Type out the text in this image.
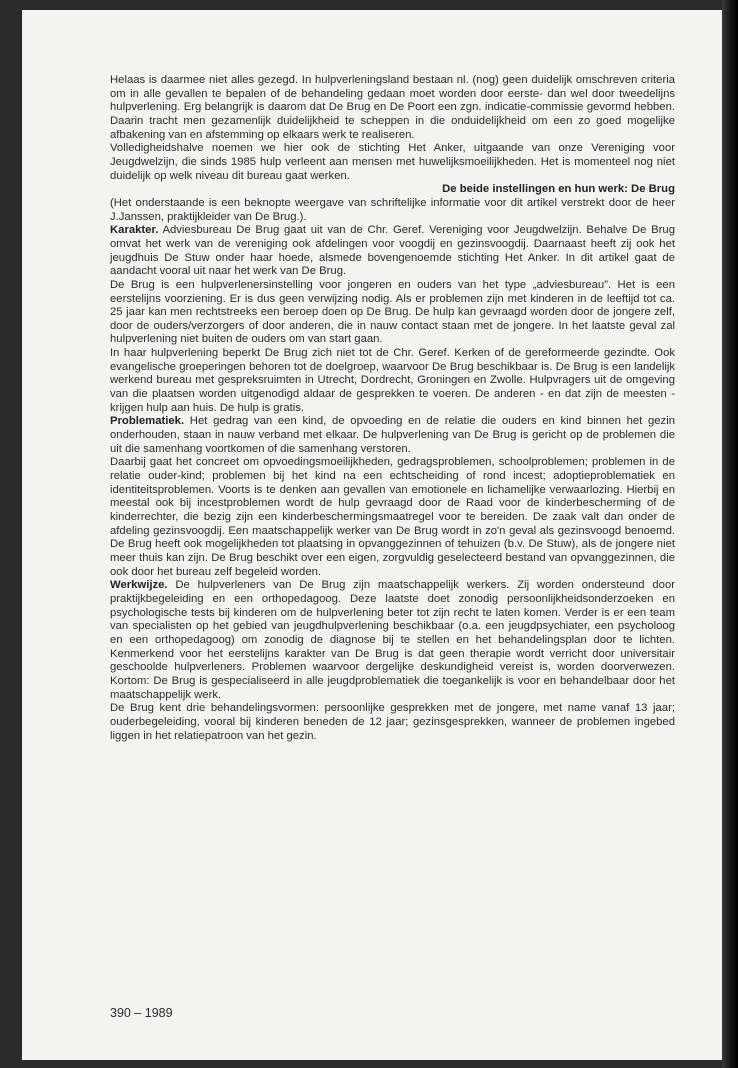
Helaas is daarmee niet alles gezegd. In hulpverleningsland bestaan nl. (nog) geen duidelijk omschreven criteria om in alle gevallen te bepalen of de behandeling gedaan moet worden door eerste- dan wel door tweedelijns hulpverlening. Erg belangrijk is daarom dat De Brug en De Poort een zgn. indicatie-commissie gevormd hebben. Daarin tracht men gezamenlijk duidelijkheid te scheppen in die onduidelijkheid om een zo goed mogelijke afbakening van en afstemming op elkaars werk te realiseren.

Volledigheidshalve noemen we hier ook de stichting Het Anker, uitgaande van onze Vereniging voor Jeugdwelzijn, die sinds 1985 hulp verleent aan mensen met huwelijksmoeilijkheden. Het is momenteel nog niet duidelijk op welk niveau dit bureau gaat werken.

De beide instellingen en hun werk: De Brug

(Het onderstaande is een beknopte weergave van schriftelijke informatie voor dit artikel verstrekt door de heer J.Janssen, praktijkleider van De Brug.).

Karakter. Adviesbureau De Brug gaat uit van de Chr. Geref. Vereniging voor Jeugdwelzijn. Behalve De Brug omvat het werk van de vereniging ook afdelingen voor voogdij en gezinsvoogdij. Daarnaast heeft zij ook het jeugdhuis De Stuw onder haar hoede, alsmede bovengenoemde stichting Het Anker. In dit artikel gaat de aandacht vooral uit naar het werk van De Brug.

De Brug is een hulpverlenersinstelling voor jongeren en ouders van het type „adviesbureau”. Het is een eerstelijns voorziening. Er is dus geen verwijzing nodig. Als er problemen zijn met kinderen in de leeftijd tot ca. 25 jaar kan men rechtstreeks een beroep doen op De Brug. De hulp kan gevraagd worden door de jongere zelf, door de ouders/verzorgers of door anderen, die in nauw contact staan met de jongere. In het laatste geval zal hulpverlening niet buiten de ouders om van start gaan.

In haar hulpverlening beperkt De Brug zich niet tot de Chr. Geref. Kerken of de gereformeerde gezindte. Ook evangelische groeperingen behoren tot de doelgroep, waarvoor De Brug beschikbaar is. De Brug is een landelijk werkend bureau met gespreksruimten in Utrecht, Dordrecht, Groningen en Zwolle. Hulpvragers uit de omgeving van die plaatsen worden uitgenodigd aldaar de gesprekken te voeren. De anderen - en dat zijn de meesten - krijgen hulp aan huis. De hulp is gratis.

Problematiek. Het gedrag van een kind, de opvoeding en de relatie die ouders en kind binnen het gezin onderhouden, staan in nauw verband met elkaar. De hulpverlening van De Brug is gericht op de problemen die uit die samenhang voortkomen of die samenhang verstoren.

Daarbij gaat het concreet om opvoedingsmoeilijkheden, gedragsproblemen, schoolproblemen; problemen in de relatie ouder-kind; problemen bij het kind na een echtscheiding of rond incest; adoptieproblematiek en identiteitsproblemen. Voorts is te denken aan gevallen van emotionele en lichamelijke verwaarlozing. Hierbij en meestal ook bij incestproblemen wordt de hulp gevraagd door de Raad voor de kinderbescherming of de kinderrechter, die bezig zijn een kinderbeschermingsmaatregel voor te bereiden. De zaak valt dan onder de afdeling gezinsvoogdij. Een maatschappelijk werker van De Brug wordt in zo'n geval als gezinsvoogd benoemd. De Brug heeft ook mogelijkheden tot plaatsing in opvanggezinnen of tehuizen (b.v. De Stuw), als de jongere niet meer thuis kan zijn. De Brug beschikt over een eigen, zorgvuldig geselecteerd bestand van opvanggezinnen, die ook door het bureau zelf begeleid worden.

Werkwijze. De hulpverleners van De Brug zijn maatschappelijk werkers. Zij worden ondersteund door praktijkbegeleiding en een orthopedagoog. Deze laatste doet zonodig persoonlijkheidsonderzoeken en psychologische tests bij kinderen om de hulpverlening beter tot zijn recht te laten komen. Verder is er een team van specialisten op het gebied van jeugdhulpverlening beschikbaar (o.a. een jeugdpsychiater, een psycholoog en een orthopedagoog) om zonodig de diagnose bij te stellen en het behandelingsplan door te lichten. Kenmerkend voor het eerstelijns karakter van De Brug is dat geen therapie wordt verricht door universitair geschoolde hulpverleners. Problemen waarvoor dergelijke deskundigheid vereist is, worden doorverwezen. Kortom: De Brug is gespecialiseerd in alle jeugdproblematiek die toegankelijk is voor en behandelbaar door het maatschappelijk werk.

De Brug kent drie behandelingsvormen: persoonlijke gesprekken met de jongere, met name vanaf 13 jaar; ouderbegeleiding, vooral bij kinderen beneden de 12 jaar; gezinsgesprekken, wanneer de problemen ingebed liggen in het relatiepatroon van het gezin.

390 – 1989
